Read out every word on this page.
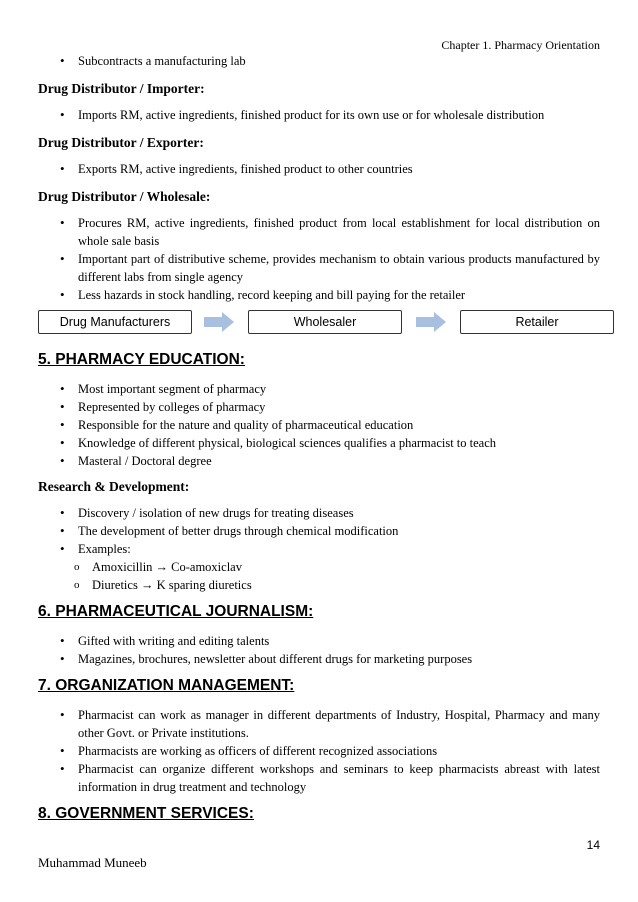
Chapter 1. Pharmacy Orientation
• Subcontracts a manufacturing lab
Drug Distributor / Importer:
• Imports RM, active ingredients, finished product for its own use or for wholesale distribution
Drug Distributor / Exporter:
• Exports RM, active ingredients, finished product to other countries
Drug Distributor / Wholesale:
• Procures RM, active ingredients, finished product from local establishment for local distribution on whole sale basis
• Important part of distributive scheme, provides mechanism to obtain various products manufactured by different labs from single agency
• Less hazards in stock handling, record keeping and bill paying for the retailer
Drug Manufacturers	Wholesaler	Retailer
5. PHARMACY EDUCATION:
• Most important segment of pharmacy
• Represented by colleges of pharmacy
• Responsible for the nature and quality of pharmaceutical education
• Knowledge of different physical, biological sciences qualifies a pharmacist to teach
• Masteral / Doctoral degree
Research & Development:
• Discovery / isolation of new drugs for treating diseases
• The development of better drugs through chemical modification
• Examples:
o Amoxicillin → Co-amoxiclav
o Diuretics → K sparing diuretics
6. PHARMACEUTICAL JOURNALISM:
• Gifted with writing and editing talents
• Magazines, brochures, newsletter about different drugs for marketing purposes
7. ORGANIZATION MANAGEMENT:
• Pharmacist can work as manager in different departments of Industry, Hospital, Pharmacy and many other Govt. or Private institutions.
• Pharmacists are working as officers of different recognized associations
• Pharmacist can organize different workshops and seminars to keep pharmacists abreast with latest information in drug treatment and technology
8. GOVERNMENT SERVICES:
14
Muhammad Muneeb
